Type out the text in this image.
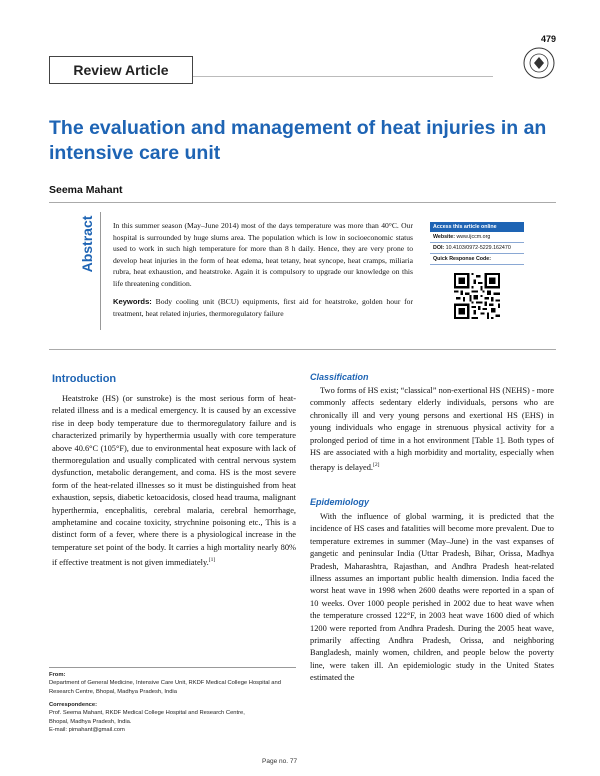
479
Review Article
The evaluation and management of heat injuries in an intensive care unit
Seema Mahant
Abstract In this summer season (May–June 2014) most of the days temperature was more than 40°C. Our hospital is surrounded by huge slums area. The population which is low in socioeconomic status used to work in such high temperature for more than 8 h daily. Hence, they are very prone to develop heat injuries in the form of heat edema, heat tetany, heat syncope, heat cramps, miliaria rubra, heat exhaustion, and heatstroke. Again it is compulsory to upgrade our knowledge on this life threatening condition.
Keywords: Body cooling unit (BCU) equipments, first aid for heatstroke, golden hour for treatment, heat related injuries, thermoregulatory failure
Access this article online
Website: www.ijccm.org
DOI: 10.4103/0972-5229.162470
Quick Response Code:
Introduction

Heatstroke (HS) (or sunstroke) is the most serious form of heat-related illness and is a medical emergency. It is caused by an excessive rise in deep body temperature due to thermoregulatory failure and is characterized primarily by hyperthermia usually with core temperature above 40.6°C (105°F), due to environmental heat exposure with lack of thermoregulation and usually complicated with central nervous system dysfunction, metabolic derangement, and coma. HS is the most severe form of the heat-related illnesses so it must be distinguished from heat exhaustion, sepsis, diabetic ketoacidosis, closed head trauma, malignant hyperthermia, encephalitis, cerebral malaria, cerebral hemorrhage, amphetamine and cocaine toxicity, strychnine poisoning etc., This is a distinct form of a fever, where there is a physiological increase in the temperature set point of the body. It carries a high mortality nearly 80% if effective treatment is not given immediately.[1]

Classification

Two forms of HS exist; “classical” non-exertional HS (NEHS) - more commonly affects sedentary elderly individuals, persons who are chronically ill and very young persons and exertional HS (EHS) in young individuals who engage in strenuous physical activity for a prolonged period of time in a hot environment [Table 1]. Both types of HS are associated with a high morbidity and mortality, especially when therapy is delayed.[2]

Epidemiology

With the influence of global warming, it is predicted that the incidence of HS cases and fatalities will become more prevalent. Due to temperature extremes in summer (May–June) in the vast expanses of gangetic and peninsular India (Uttar Pradesh, Bihar, Orissa, Madhya Pradesh, Maharashtra, Rajasthan, and Andhra Pradesh heat-related illness assumes an important public health dimension. India faced the worst heat wave in 1998 when 2600 deaths were reported in a span of 10 weeks. Over 1000 people perished in 2002 due to heat wave when the temperature crossed 122°F, in 2003 heat wave 1600 died of which 1200 were reported from Andhra Pradesh. During the 2005 heat wave, primarily affecting Andhra Pradesh, Orissa, and neighboring Bangladesh, mainly women, children, and people below the poverty line, were taken ill. An epidemiologic study in the United States estimated the

From:
Department of General Medicine, Intensive Care Unit, RKDF Medical College Hospital and Research Centre, Bhopal, Madhya Pradesh, India
Correspondence:
Prof. Seema Mahant, RKDF Medical College Hospital and Research Centre,
Bhopal, Madhya Pradesh, India.
E-mail: pimahant@gmail.com
Page no. 77
